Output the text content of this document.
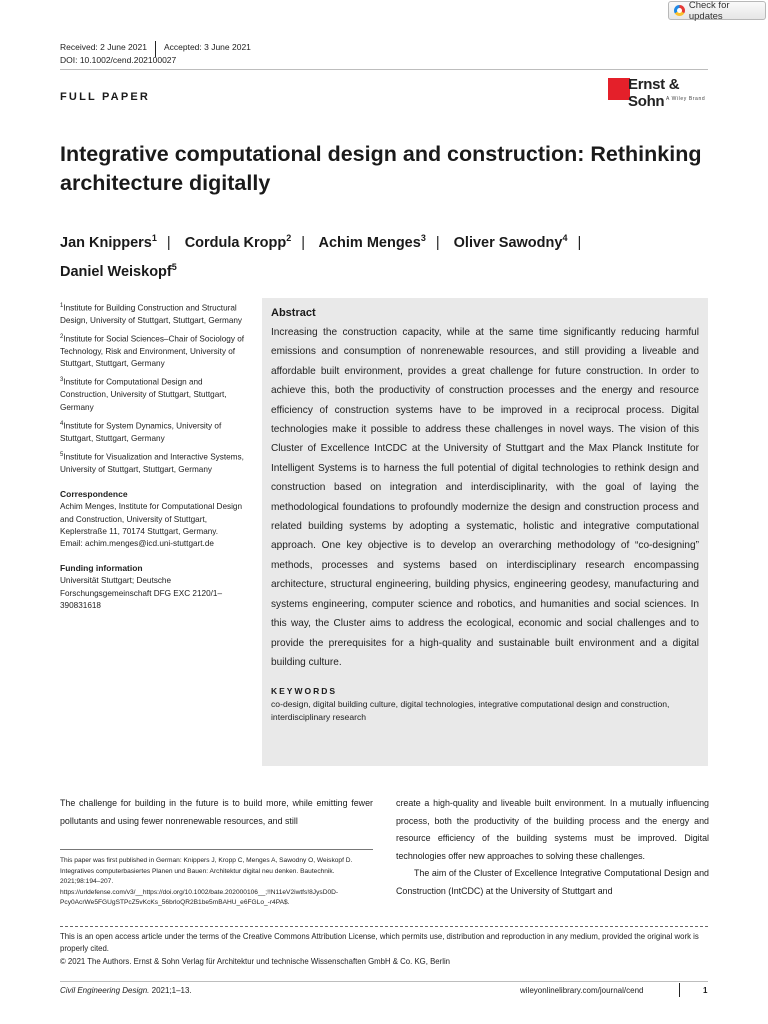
Check for updates
Received: 2 June 2021 Accepted: 3 June 2021
DOI: 10.1002/cend.202100027
FULL PAPER
Ernst & Sohn A Wiley Brand
Integrative computational design and construction: Rethinking architecture digitally
Jan Knippers$^1$ | Cordula Kropp$^2$ | Achim Menges$^3$ | Oliver Sawodny$^4$ |
Daniel Weiskopf$^5$

$^1$Institute for Building Construction and Structural Design, University of Stuttgart, Stuttgart, Germany

$^2$Institute for Social Sciences–Chair of Sociology of Technology, Risk and Environment, University of Stuttgart, Stuttgart, Germany

$^3$Institute for Computational Design and Construction, University of Stuttgart, Stuttgart, Germany

$^4$Institute for System Dynamics, University of Stuttgart, Stuttgart, Germany

$^5$Institute for Visualization and Interactive Systems, University of Stuttgart, Stuttgart, Germany

Correspondence
Achim Menges, Institute for Computational Design and Construction, University of Stuttgart, Keplerstraße 11, 70174 Stuttgart, Germany.
Email: achim.menges@icd.uni-stuttgart.de
Funding information
Universität Stuttgart; Deutsche Forschungsgemeinschaft DFG EXC 2120/1–390831618
Abstract
Increasing the construction capacity, while at the same time significantly reducing harmful emissions and consumption of nonrenewable resources, and still providing a liveable and affordable built environment, provides a great challenge for future construction. In order to achieve this, both the productivity of construction processes and the energy and resource efficiency of construction systems have to be improved in a reciprocal process. Digital technologies make it possible to address these challenges in novel ways. The vision of this Cluster of Excellence IntCDC at the University of Stuttgart and the Max Planck Institute for Intelligent Systems is to harness the full potential of digital technologies to rethink design and construction based on integration and interdisciplinarity, with the goal of laying the methodological foundations to profoundly modernize the design and construction process and related building systems by adopting a systematic, holistic and integrative computational approach. One key objective is to develop an overarching methodology of “co-designing” methods, processes and systems based on interdisciplinary research encompassing architecture, structural engineering, building physics, engineering geodesy, manufacturing and systems engineering, computer science and robotics, and humanities and social sciences. In this way, the Cluster aims to address the ecological, economic and social challenges and to provide the prerequisites for a high-quality and sustainable built environment and a digital building culture.
KEYWORDS
co-design, digital building culture, digital technologies, integrative computational design and construction, interdisciplinary research
The challenge for building in the future is to build more, while emitting fewer pollutants and using fewer nonrenewable resources, and still
This paper was first published in German: Knippers J, Kropp C, Menges A, Sawodny O, Weiskopf D. Integratives computerbasiertes Planen und Bauen: Architektur digital neu denken. Bautechnik. 2021;98:194–207. https://urldefense.com/v3/__https://doi.org/10.1002/bate.202000106__;!!N11eV2iwtfs!8JysD0D-Pcy0AcrWe5FGUgSTPcZ5vKcKs_56brloQR2B1be5mBAHU_e6FGLo_-r4PA$.

create a high-quality and liveable built environment. In a mutually influencing process, both the productivity of the building process and the energy and resource efficiency of the building systems must be improved. Digital technologies offer new approaches to solving these challenges.

The aim of the Cluster of Excellence Integrative Computational Design and Construction (IntCDC) at the University of Stuttgart and

This is an open access article under the terms of the Creative Commons Attribution License, which permits use, distribution and reproduction in any medium, provided the original work is properly cited.
© 2021 The Authors. Ernst & Sohn Verlag für Architektur und technische Wissenschaften GmbH & Co. KG, Berlin
Civil Engineering Design. 2021;1–13.	wileyonlinelibrary.com/journal/cend	1
